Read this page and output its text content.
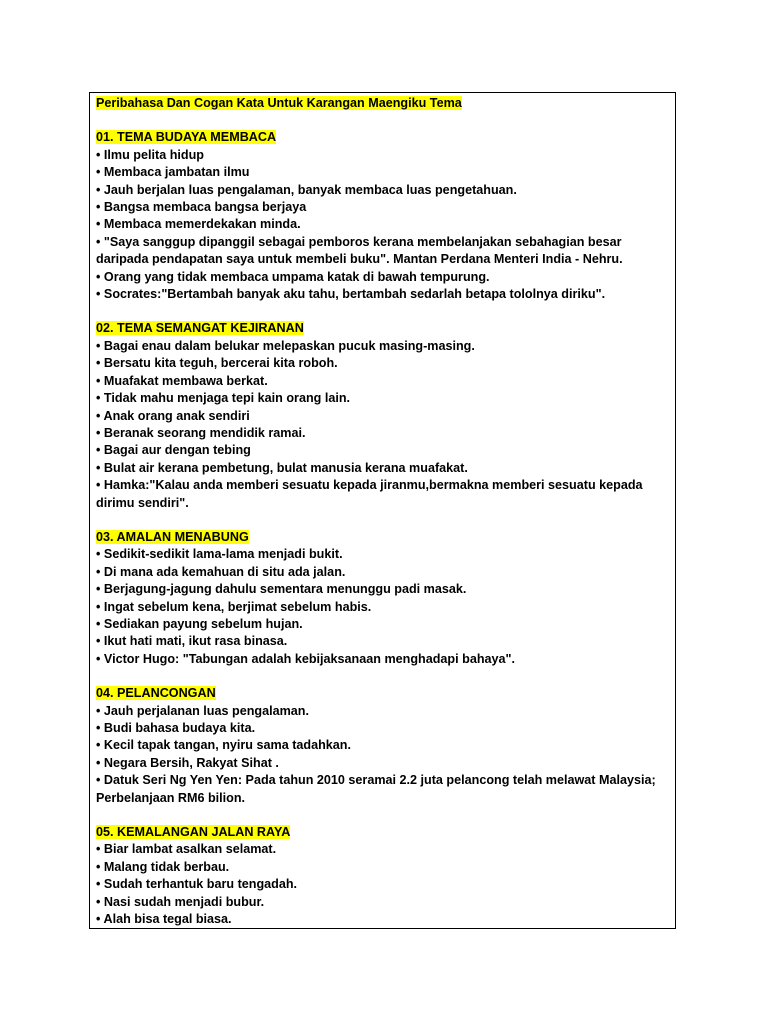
Peribahasa Dan Cogan Kata Untuk Karangan Maengiku Tema
01. TEMA BUDAYA MEMBACA
• Ilmu pelita hidup
• Membaca jambatan ilmu
• Jauh berjalan luas pengalaman, banyak membaca luas pengetahuan.
• Bangsa membaca bangsa berjaya
• Membaca memerdekakan minda.
• "Saya sanggup dipanggil sebagai pemboros kerana membelanjakan sebahagian besar daripada pendapatan saya untuk membeli buku". Mantan Perdana Menteri India - Nehru.
• Orang yang tidak membaca umpama katak di bawah tempurung.
• Socrates:"Bertambah banyak aku tahu, bertambah sedarlah betapa tololnya diriku".
02. TEMA SEMANGAT KEJIRANAN
• Bagai enau dalam belukar melepaskan pucuk masing-masing.
• Bersatu kita teguh, bercerai kita roboh.
• Muafakat membawa berkat.
• Tidak mahu menjaga tepi kain orang lain.
• Anak orang anak sendiri
• Beranak seorang mendidik ramai.
• Bagai aur dengan tebing
• Bulat air kerana pembetung, bulat manusia kerana muafakat.
• Hamka:"Kalau anda memberi sesuatu kepada jiranmu,bermakna memberi sesuatu kepada dirimu sendiri".
03. AMALAN MENABUNG
• Sedikit-sedikit lama-lama menjadi bukit.
• Di mana ada kemahuan di situ ada jalan.
• Berjagung-jagung dahulu sementara menunggu padi masak.
• Ingat sebelum kena, berjimat sebelum habis.
• Sediakan payung sebelum hujan.
• Ikut hati mati, ikut rasa binasa.
• Victor Hugo: "Tabungan adalah kebijaksanaan menghadapi bahaya".
04. PELANCONGAN
• Jauh perjalanan luas pengalaman.
• Budi bahasa budaya kita.
• Kecil tapak tangan, nyiru sama tadahkan.
• Negara Bersih, Rakyat Sihat .
• Datuk Seri Ng Yen Yen: Pada tahun 2010 seramai 2.2 juta pelancong telah melawat Malaysia; Perbelanjaan RM6 bilion.
05. KEMALANGAN JALAN RAYA
• Biar lambat asalkan selamat.
• Malang tidak berbau.
• Sudah terhantuk baru tengadah.
• Nasi sudah menjadi bubur.
• Alah bisa tegal biasa.
